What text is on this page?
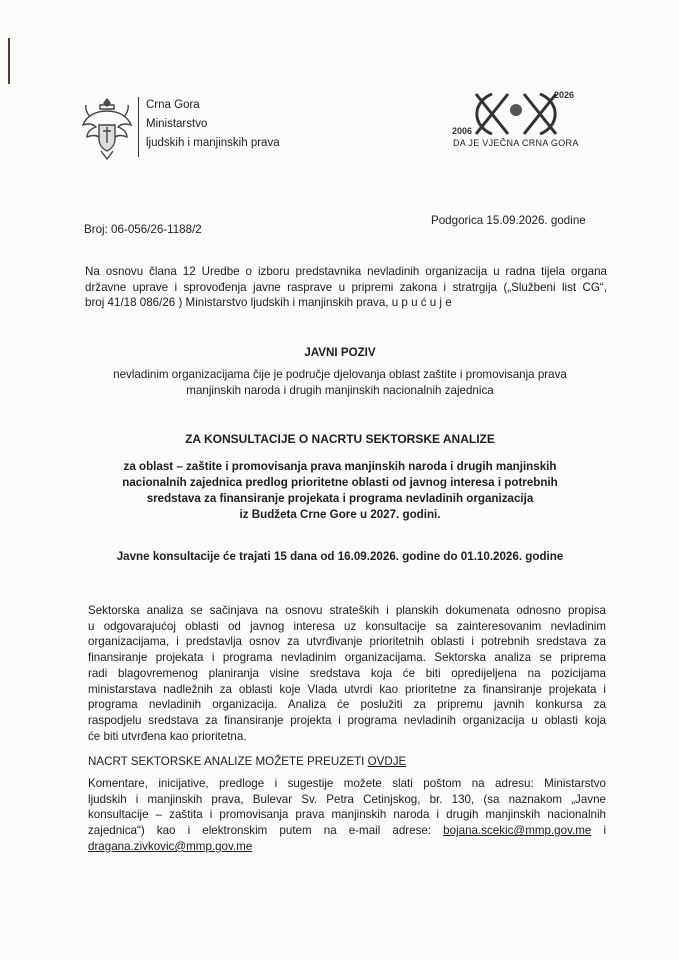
Crna Gora
Ministarstvo
ljudskih i manjinskih prava
2006
2026
DA JE VJEČNA CRNA GORA
Broj: 06-056/26-1188/2
Podgorica 15.09.2026. godine
Na osnovu člana 12 Uredbe o izboru predstavnika nevladinih organizacija u radna tijela organa
državne uprave i sprovođenja javne rasprave u pripremi zakona i stratrgija („Službeni list CG“,
broj 41/18 086/26 ) Ministarstvo ljudskih i manjinskih prava, u p u ć u j e
JAVNI POZIV
nevladinim organizacijama čije je područje djelovanja oblast zaštite i promovisanja prava
manjinskih naroda i drugih manjinskih nacionalnih zajednica
ZA KONSULTACIJE O NACRTU SEKTORSKE ANALIZE
za oblast – zaštite i promovisanja prava manjinskih naroda i drugih manjinskih
nacionalnih zajednica predlog prioritetne oblasti od javnog interesa i potrebnih
sredstava za finansiranje projekata i programa nevladinih organizacija
iz Budžeta Crne Gore u 2027. godini.
Javne konsultacije će trajati 15 dana od 16.09.2026. godine do 01.10.2026. godine
Sektorska analiza se sačinjava na osnovu strateških i planskih dokumenata odnosno propisa
u odgovarajućoj oblasti od javnog interesa uz konsultacije sa zainteresovanim nevladinim
organizacijama, i predstavlja osnov za utvrđivanje prioritetnih oblasti i potrebnih sredstava za
finansiranje projekata i programa nevladinim organizacijama. Sektorska analiza se priprema
radi blagovremenog planiranja visine sredstava koja će biti opredijeljena na pozicijama
ministarstava nadležnih za oblasti koje Vlada utvrdi kao prioritetne za finansiranje projekata i
programa nevladinih organizacija. Analiza će poslužiti za pripremu javnih konkursa za
raspodjelu sredstava za finansiranje projekta i programa nevladinih organizacija u oblasti koja
će biti utvrđena kao prioritetna.
NACRT SEKTORSKE ANALIZE MOŽETE PREUZETI OVDJE
Komentare, inicijative, predloge i sugestije možete slati poštom na adresu: Ministarstvo
ljudskih i manjinskih prava, Bulevar Sv. Petra Cetinjskog, br. 130, (sa naznakom „Javne
konsultacije – zaštita i promovisanja prava manjinskih naroda i drugih manjinskih nacionalnih
zajednica“) kao i elektronskim putem na e-mail adrese: bojana.scekic@mmp.gov.me i
dragana.zivkovic@mmp.gov.me
